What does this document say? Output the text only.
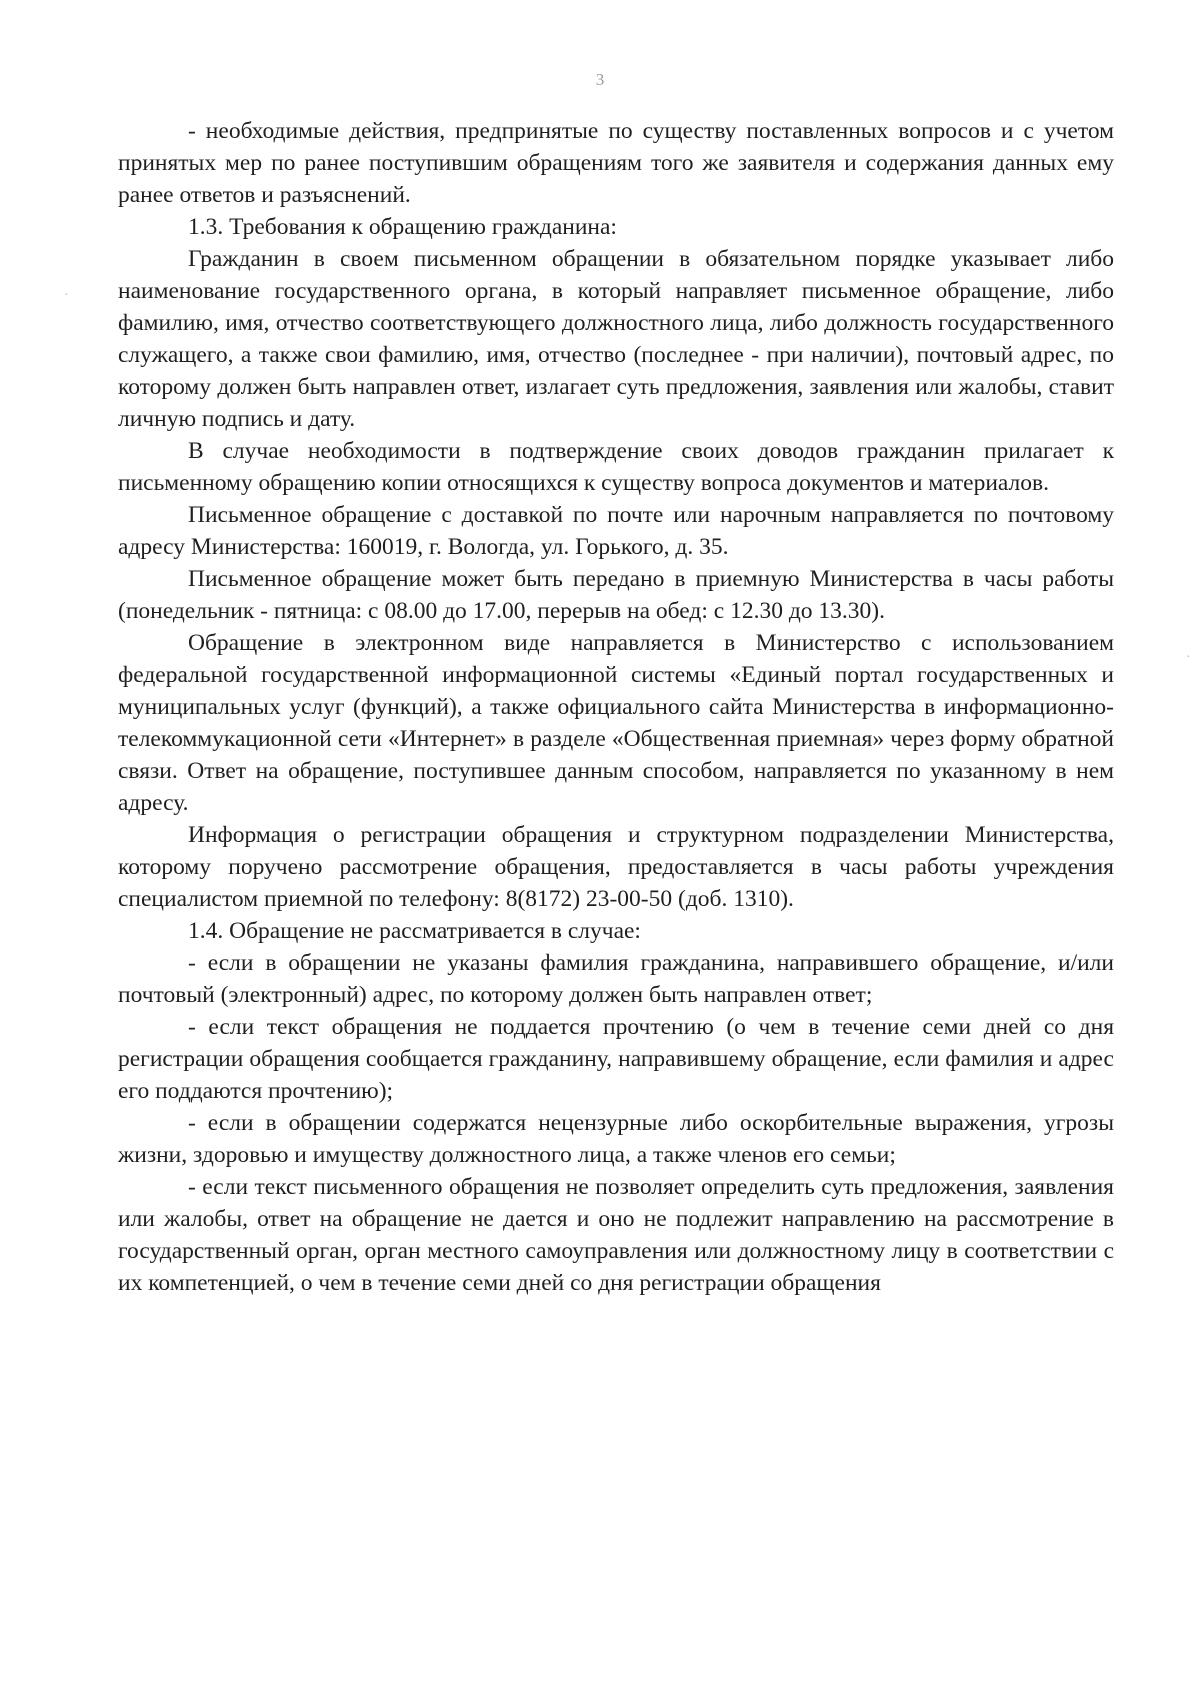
3
·
·

- необходимые действия, предпринятые по существу поставленных вопросов и с учетом принятых мер по ранее поступившим обращениям того же заявителя и содержания данных ему ранее ответов и разъяснений.

1.3. Требования к обращению гражданина:

Гражданин в своем письменном обращении в обязательном порядке указывает либо наименование государственного органа, в который направляет письменное обращение, либо фамилию, имя, отчество соответствующего должностного лица, либо должность государственного служащего, а также свои фамилию, имя, отчество (последнее - при наличии), почтовый адрес, по которому должен быть направлен ответ, излагает суть предложения, заявления или жалобы, ставит личную подпись и дату.

В случае необходимости в подтверждение своих доводов гражданин прилагает к письменному обращению копии относящихся к существу вопроса документов и материалов.

Письменное обращение с доставкой по почте или нарочным направляется по почтовому адресу Министерства: 160019, г. Вологда, ул. Горького, д. 35.

Письменное обращение может быть передано в приемную Министерства в часы работы (понедельник - пятница: с 08.00 до 17.00, перерыв на обед: с 12.30 до 13.30).

Обращение в электронном виде направляется в Министерство с использованием федеральной государственной информационной системы «Единый портал государственных и муниципальных услуг (функций), а также официального сайта Министерства в информационно-телекоммукационной сети «Интернет» в разделе «Общественная приемная» через форму обратной связи. Ответ на обращение, поступившее данным способом, направляется по указанному в нем адресу.

Информация о регистрации обращения и структурном подразделении Министерства, которому поручено рассмотрение обращения, предоставляется в часы работы учреждения специалистом приемной по телефону: 8(8172) 23-00-50 (доб. 1310).

1.4. Обращение не рассматривается в случае:

- если в обращении не указаны фамилия гражданина, направившего обращение, и/или почтовый (электронный) адрес, по которому должен быть направлен ответ;

- если текст обращения не поддается прочтению (о чем в течение семи дней со дня регистрации обращения сообщается гражданину, направившему обращение, если фамилия и адрес его поддаются прочтению);

- если в обращении содержатся нецензурные либо оскорбительные выражения, угрозы жизни, здоровью и имуществу должностного лица, а также членов его семьи;

- если текст письменного обращения не позволяет определить суть предложения, заявления или жалобы, ответ на обращение не дается и оно не подлежит направлению на рассмотрение в государственный орган, орган местного самоуправления или должностному лицу в соответствии с их компетенцией, о чем в течение семи дней со дня регистрации обращения
